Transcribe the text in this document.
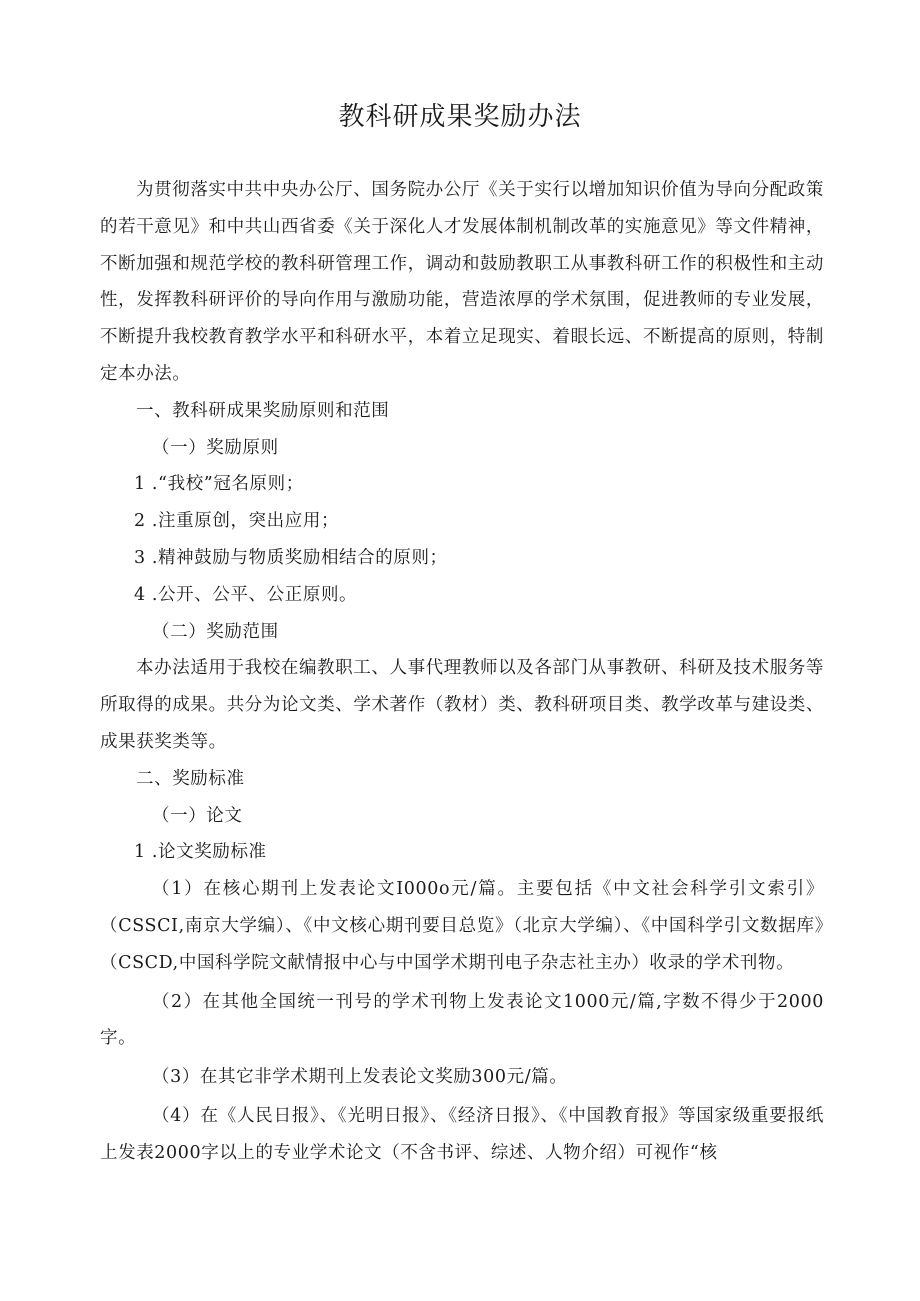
教科研成果奖励办法

为贯彻落实中共中央办公厅、国务院办公厅《关于实行以增加知识价值为导向分配政策的若干意见》和中共山西省委《关于深化人才发展体制机制改革的实施意见》等文件精神，不断加强和规范学校的教科研管理工作，调动和鼓励教职工从事教科研工作的积极性和主动性，发挥教科研评价的导向作用与激励功能，营造浓厚的学术氛围，促进教师的专业发展，不断提升我校教育教学水平和科研水平，本着立足现实、着眼长远、不断提高的原则，特制定本办法。

一、教科研成果奖励原则和范围

（一）奖励原则

1 .“我校”冠名原则；

2 .注重原创，突出应用；

3 .精神鼓励与物质奖励相结合的原则；

4 .公开、公平、公正原则。

（二）奖励范围

本办法适用于我校在编教职工、人事代理教师以及各部门从事教研、科研及技术服务等所取得的成果。共分为论文类、学术著作（教材）类、教科研项目类、教学改革与建设类、成果获奖类等。

二、奖励标准

（一）论文

1 .论文奖励标准

（1）在核心期刊上发表论文I000o元/篇。主要包括《中文社会科学引文索引》（CSSCI,南京大学编）、《中文核心期刊要目总览》（北京大学编）、《中国科学引文数据库》（CSCD,中国科学院文献情报中心与中国学术期刊电子杂志社主办）收录的学术刊物。

（2）在其他全国统一刊号的学术刊物上发表论文1000元/篇,字数不得少于2000字。

（3）在其它非学术期刊上发表论文奖励300元/篇。

（4）在《人民日报》、《光明日报》、《经济日报》、《中国教育报》等国家级重要报纸上发表2000字以上的专业学术论文（不含书评、综述、人物介绍）可视作“核
